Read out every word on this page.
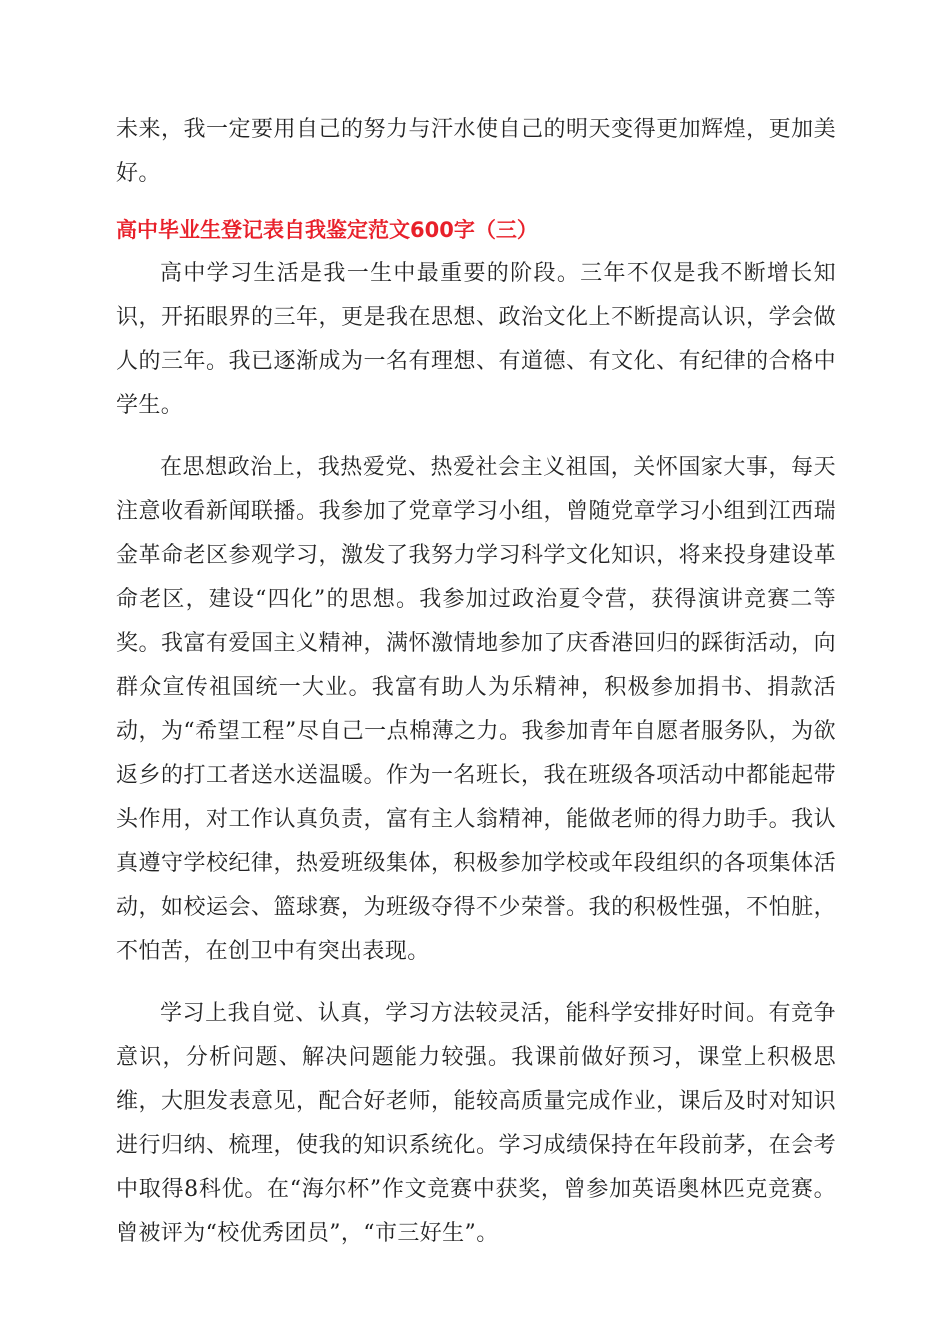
未来，我一定要用自己的努力与汗水使自己的明天变得更加辉煌，更加美好。

高中毕业生登记表自我鉴定范文600字（三）

高中学习生活是我一生中最重要的阶段。三年不仅是我不断增长知识，开拓眼界的三年，更是我在思想、政治文化上不断提高认识，学会做人的三年。我已逐渐成为一名有理想、有道德、有文化、有纪律的合格中学生。

在思想政治上，我热爱党、热爱社会主义祖国，关怀国家大事，每天注意收看新闻联播。我参加了党章学习小组，曾随党章学习小组到江西瑞金革命老区参观学习，激发了我努力学习科学文化知识，将来投身建设革命老区，建设“四化”的思想。我参加过政治夏令营，获得演讲竞赛二等奖。我富有爱国主义精神，满怀激情地参加了庆香港回归的踩街活动，向群众宣传祖国统一大业。我富有助人为乐精神，积极参加捐书、捐款活动，为“希望工程”尽自己一点棉薄之力。我参加青年自愿者服务队，为欲返乡的打工者送水送温暖。作为一名班长，我在班级各项活动中都能起带头作用，对工作认真负责，富有主人翁精神，能做老师的得力助手。我认真遵守学校纪律，热爱班级集体，积极参加学校或年段组织的各项集体活动，如校运会、篮球赛，为班级夺得不少荣誉。我的积极性强，不怕脏，不怕苦，在创卫中有突出表现。

学习上我自觉、认真，学习方法较灵活，能科学安排好时间。有竞争意识，分析问题、解决问题能力较强。我课前做好预习，课堂上积极思维，大胆发表意见，配合好老师，能较高质量完成作业，课后及时对知识进行归纳、梳理，使我的知识系统化。学习成绩保持在年段前茅，在会考中取得8科优。在“海尔杯”作文竞赛中获奖，曾参加英语奥林匹克竞赛。曾被评为“校优秀团员”，“市三好生”。
